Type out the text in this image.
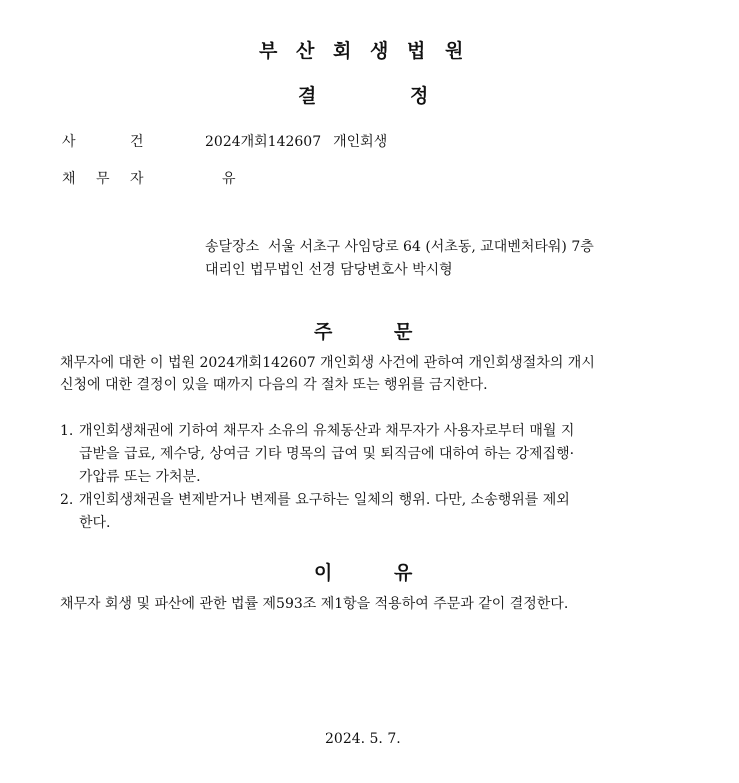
부 산 회 생 법 원
결	정
사	건	2024개회142607 개인회생
채 무 자	유
송달장소  서울 서초구 사임당로 64 (서초동, 교대벤처타워) 7층
대리인 법무법인 선경 담당변호사 박시형
주	문
채무자에 대한 이 법원 2024개회142607 개인회생 사건에 관하여 개인회생절차의 개시
신청에 대한 결정이 있을 때까지 다음의 각 절차 또는 행위를 금지한다.
1. 개인회생채권에 기하여 채무자 소유의 유체동산과 채무자가 사용자로부터 매월 지
급받을 급료, 제수당, 상여금 기타 명목의 급여 및 퇴직금에 대하여 하는 강제집행·
가압류 또는 가처분.
2. 개인회생채권을 변제받거나 변제를 요구하는 일체의 행위. 다만, 소송행위를 제외
한다.
이	유
채무자 회생 및 파산에 관한 법률 제593조 제1항을 적용하여 주문과 같이 결정한다.
2024. 5. 7.
